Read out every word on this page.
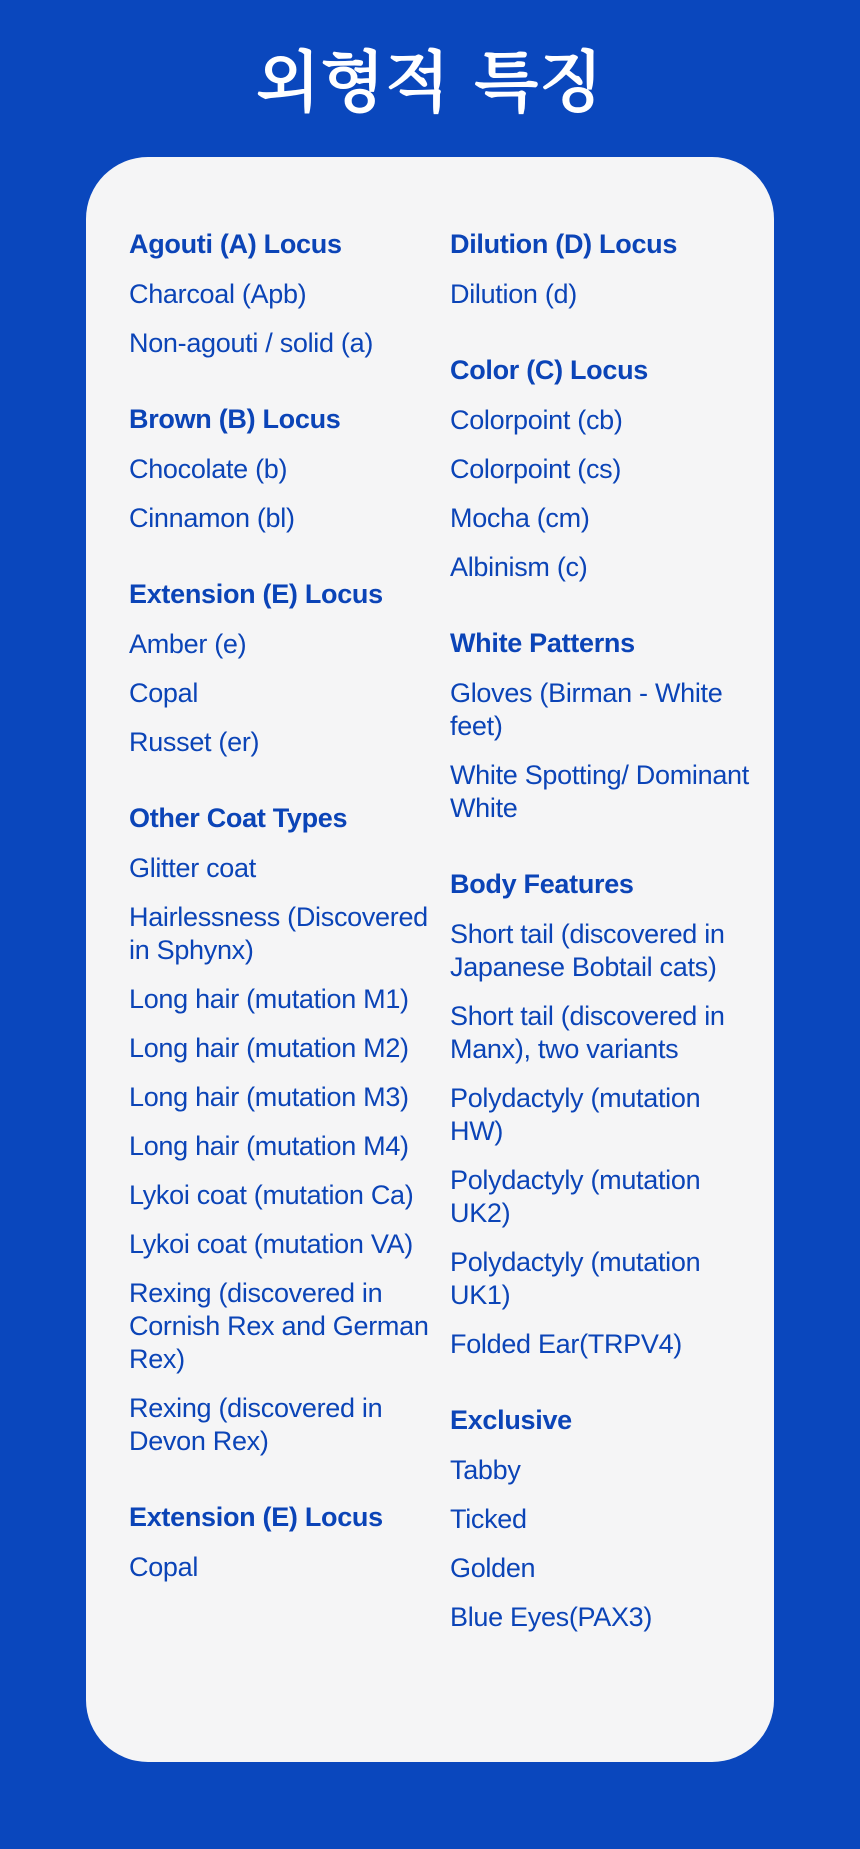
외형적 특징
Agouti (A) Locus
Charcoal (Apb)
Non-agouti / solid (a)
Brown (B) Locus
Chocolate (b)
Cinnamon (bl)
Extension (E) Locus
Amber (e)
Copal
Russet (er)
Other Coat Types
Glitter coat
Hairlessness (Discovered in Sphynx)
Long hair (mutation M1)
Long hair (mutation M2)
Long hair (mutation M3)
Long hair (mutation M4)
Lykoi coat (mutation Ca)
Lykoi coat (mutation VA)
Rexing (discovered in Cornish Rex and German Rex)
Rexing (discovered in Devon Rex)
Extension (E) Locus
Copal
Dilution (D) Locus
Dilution (d)
Color (C) Locus
Colorpoint (cb)
Colorpoint (cs)
Mocha (cm)
Albinism (c)
White Patterns
Gloves (Birman - White feet)
White Spotting/ Dominant White
Body Features
Short tail (discovered in Japanese Bobtail cats)
Short tail (discovered in Manx), two variants
Polydactyly (mutation HW)
Polydactyly (mutation UK2)
Polydactyly (mutation UK1)
Folded Ear(TRPV4)
Exclusive
Tabby
Ticked
Golden
Blue Eyes(PAX3)
